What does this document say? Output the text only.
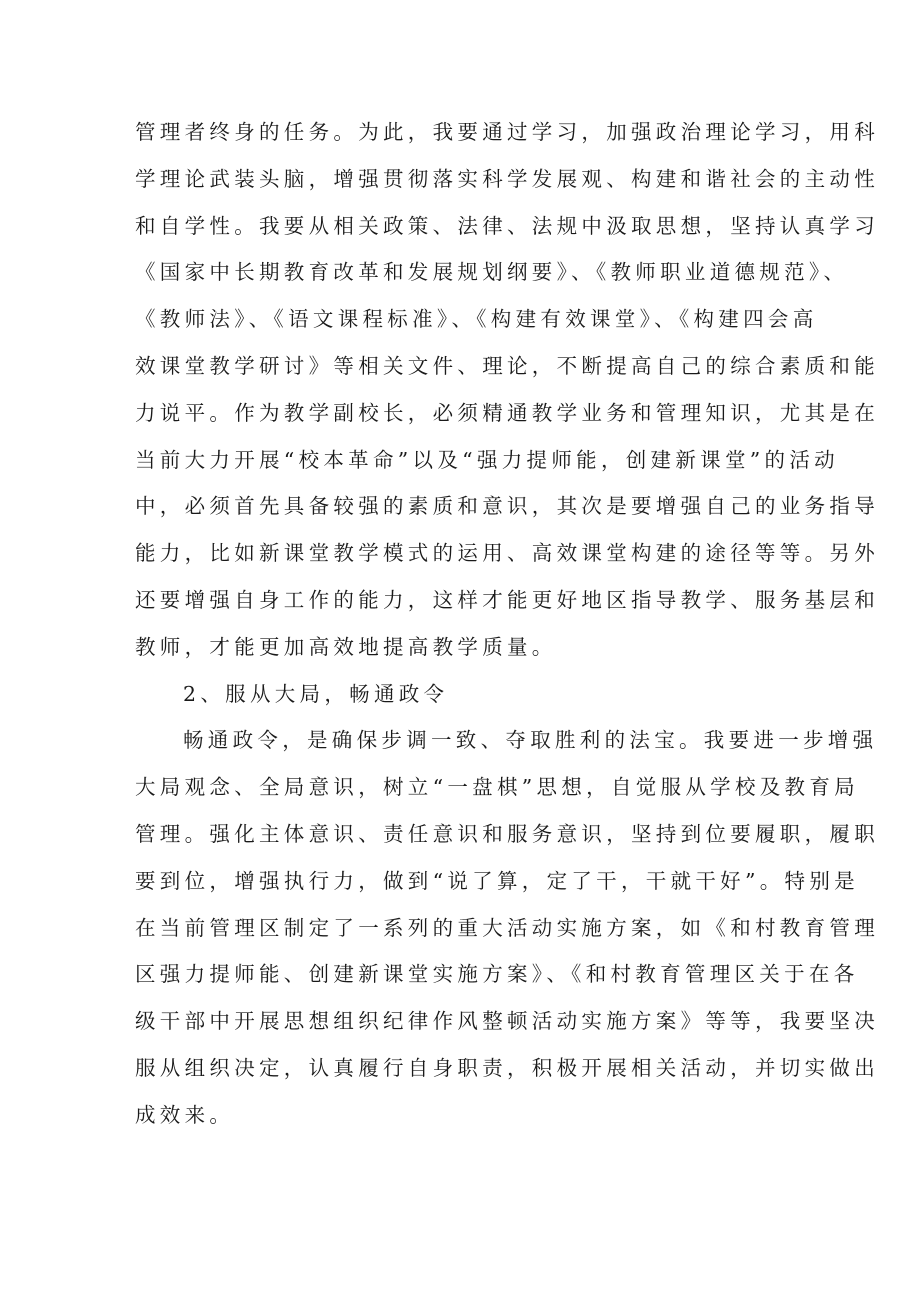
管理者终身的任务。为此，我要通过学习，加强政治理论学习，用科
学理论武装头脑，增强贯彻落实科学发展观、构建和谐社会的主动性
和自学性。我要从相关政策、法律、法规中汲取思想，坚持认真学习
《国家中长期教育改革和发展规划纲要》、《教师职业道德规范》、
《教师法》、《语文课程标准》、《构建有效课堂》、《构建四会高
效课堂教学研讨》等相关文件、理论，不断提高自己的综合素质和能
力说平。作为教学副校长，必须精通教学业务和管理知识，尤其是在
当前大力开展“校本革命”以及“强力提师能，创建新课堂”的活动
中，必须首先具备较强的素质和意识，其次是要增强自己的业务指导
能力，比如新课堂教学模式的运用、高效课堂构建的途径等等。另外
还要增强自身工作的能力，这样才能更好地区指导教学、服务基层和
教师，才能更加高效地提高教学质量。
2、服从大局，畅通政令
畅通政令，是确保步调一致、夺取胜利的法宝。我要进一步增强
大局观念、全局意识，树立“一盘棋”思想，自觉服从学校及教育局
管理。强化主体意识、责任意识和服务意识，坚持到位要履职，履职
要到位，增强执行力，做到“说了算，定了干，干就干好”。特别是
在当前管理区制定了一系列的重大活动实施方案，如《和村教育管理
区强力提师能、创建新课堂实施方案》、《和村教育管理区关于在各
级干部中开展思想组织纪律作风整顿活动实施方案》等等，我要坚决
服从组织决定，认真履行自身职责，积极开展相关活动，并切实做出
成效来。
